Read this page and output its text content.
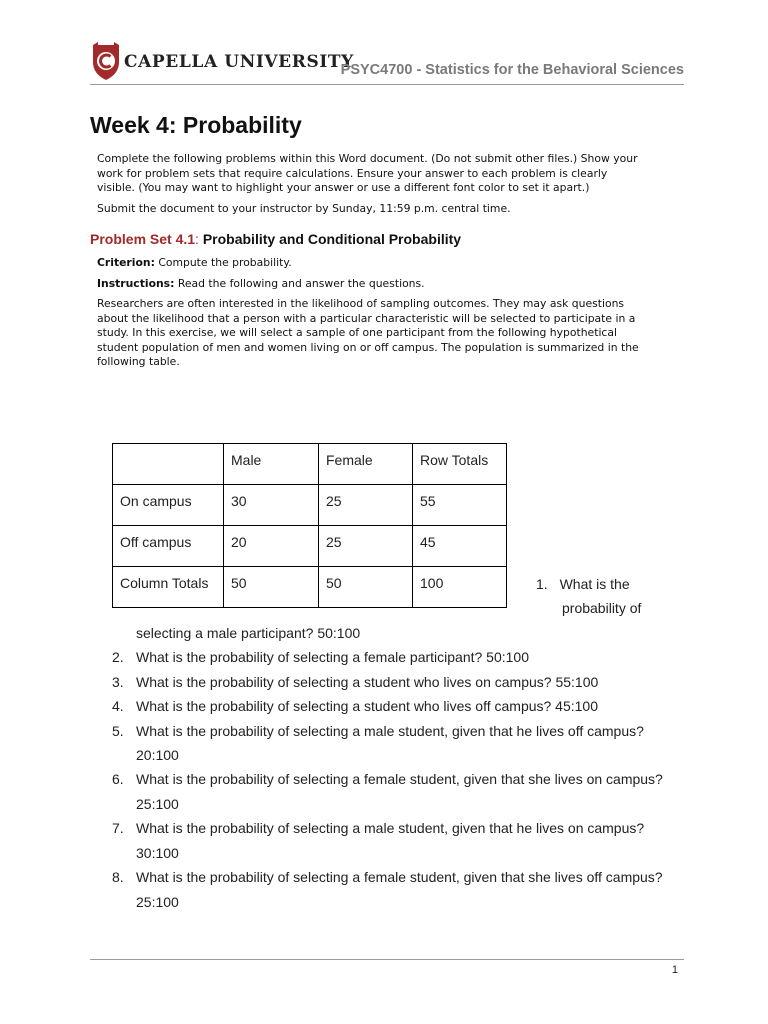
CAPELLA UNIVERSITY
PSYC4700 - Statistics for the Behavioral Sciences
Week 4: Probability

Complete the following problems within this Word document. (Do not submit other files.) Show your

work for problem sets that require calculations. Ensure your answer to each problem is clearly

visible. (You may want to highlight your answer or use a different font color to set it apart.)

Submit the document to your instructor by Sunday, 11:59 p.m. central time.

Problem Set 4.1: Probability and Conditional Probability

Criterion: Compute the probability.

Instructions: Read the following and answer the questions.

Researchers are often interested in the likelihood of sampling outcomes. They may ask questions

about the likelihood that a person with a particular characteristic will be selected to participate in a

study. In this exercise, we will select a sample of one participant from the following hypothetical

student population of men and women living on or off campus. The population is summarized in the

following table.

	Male	Female	Row Totals
On campus	30	25	55
Off campus	20	25	45
Column Totals	50	50	100	1. What is the
probability of
selecting a male participant? 50:100
2. What is the probability of selecting a female participant? 50:100
3. What is the probability of selecting a student who lives on campus? 55:100
4. What is the probability of selecting a student who lives off campus? 45:100
5. What is the probability of selecting a male student, given that he lives off campus?
20:100
6. What is the probability of selecting a female student, given that she lives on campus?
25:100
7. What is the probability of selecting a male student, given that he lives on campus?
30:100
8. What is the probability of selecting a female student, given that she lives off campus?
25:100
1
